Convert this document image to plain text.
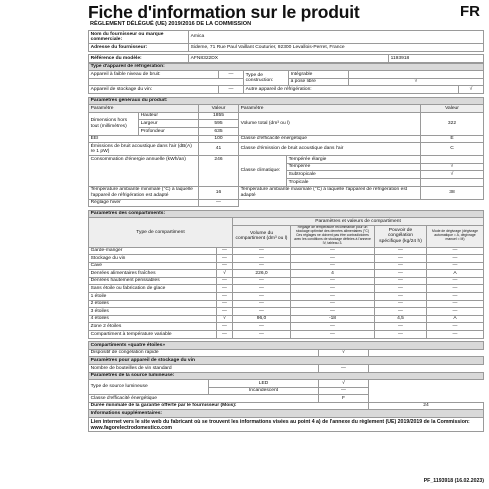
Fiche d'information sur le produit	FR
RÈGLEMENT DÉLÉGUÉ (UE) 2019/2016 DE LA COMMISSION
Nom du fournisseur ou marque commerciale:	Amica
Adresse du fournisseur:	Sideme, 71 Rue Paul Vaillant Couturier, 92300 Levallois-Perret, France

Référence du modèle:	AFN8322DX	1193918
Type d'appareil de réfrigération:					
Appareil à faible niveau de bruit:	—	Type de construction:	Intégrable		
			à pose libre	√	
Appareil de stockage du vin:	—	Autre appareil de réfrigération:			√

Paramètres généraux du produit:					
Paramètre		Valeur	Paramètre		Valeur
Dimensions hors tout (millimètres)	Hauteur	1855	Volume total (dm³ ou l)		322
	Largeur	595			
	Profondeur	635			
EEI		100	Classe d'efficacité énergétique		E
Émissions de bruit acoustique dans l'air (dB(A) re 1 pW)		41	Classe d'émission de bruit acoustique dans l'air		C
Consommation d'énergie annuelle (kWh/an)		246	Classe climatique:	Tempérée élargie	
				Tempérée	√
				Subtropicale	√
				Tropicale	
Température ambiante minimale (°C) à laquelle l'appareil de réfrigération est adapté		16	Température ambiante maximale (°C) à laquelle l'appareil de réfrigération est adapté		38
Réglage hiver		—			

Paramètres des compartiments:					
Type de compartiment		Paramètres et valeurs de compartiment			
		Volume du compartiment (dm³ ou l)	Réglage de température recommandé pour un stockage optimisé des denrées alimentaires (°C) Ces réglages ne doivent pas être contradictoires avec les conditions de stockage définies à l'annexe IV, tableau 3.	Pouvoir de congélation spécifique (kg/24 h)	Mode de dégivrage (dégivrage automatique = A, dégivrage manuel = M)
Garde-manger	—	—	—	—	—
Stockage du vin	—	—	—	—	—
Cave	—	—	—	—	—
Denrées alimentaires fraîches	√	226,0	4	—	A
Denrées hautement périssables	—	—	—	—	—
Sans étoile ou fabrication de glace	—	—	—	—	—
1 étoile	—	—	—	—	—
2 étoiles	—	—	—	—	—
3 étoiles	—	—	—	—	—
4 étoiles	√	96,0	-18	4,5	A
Zone 2 étoiles	—	—	—	—	—
Compartiment à température variable	—	—	—	—	—

Compartiments «quatre étoiles»			
Dispositif de congélation rapide		√	
Paramètres pour appareil de stockage du vin			
Nombre de bouteilles de vin standard		—	
Paramètres de la source lumineuse:			
Type de source lumineuse	LED	√	
	Incandescent	—	
Classe d'efficacité énergétique		F	
Durée minimale de la garantie offerte par le fournisseur (Mois):			24
Informations supplémentaires:			
Lien internet vers le site web du fabricant où se trouvent les informations visées au point 4 a) de l'annexe du règlement (UE) 2019/2019 de la Commission: www.fagorelectrodomestico.com			
PF_1193918 (16.02.2023)
